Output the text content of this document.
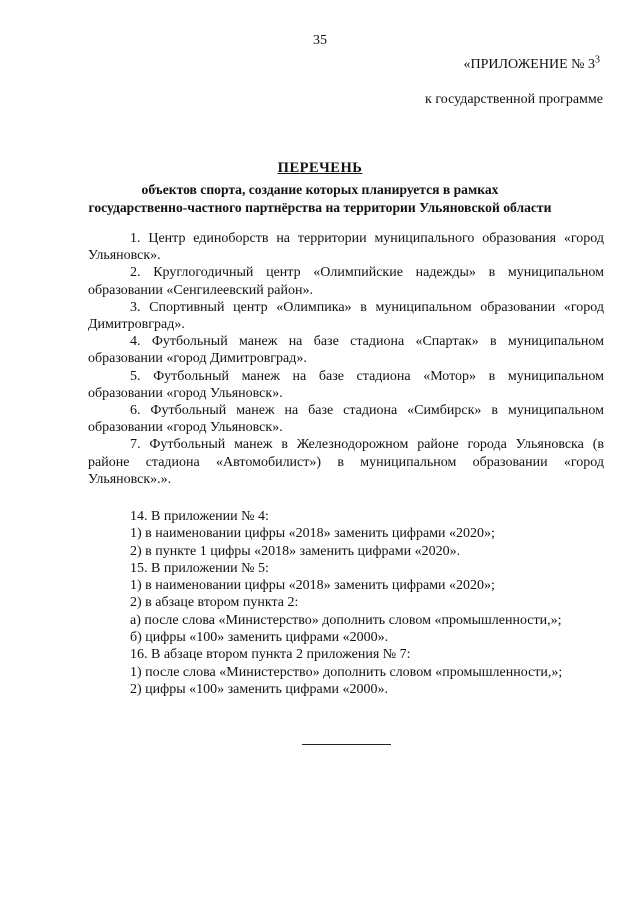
35
«ПРИЛОЖЕНИЕ № $3^3$
к государственной программе

ПЕРЕЧЕНЬ

объектов спорта, создание которых планируется в рамках

государственно-частного партнёрства на территории Ульяновской области

1. Центр единоборств на территории муниципального образования «город Ульяновск».

2. Круглогодичный центр «Олимпийские надежды» в муниципальном образовании «Сенгилеевский район».

3. Спортивный центр «Олимпика» в муниципальном образовании «город Димитровград».

4. Футбольный манеж на базе стадиона «Спартак» в муниципальном образовании «город Димитровград».

5. Футбольный манеж на базе стадиона «Мотор» в муниципальном образовании «город Ульяновск».

6. Футбольный манеж на базе стадиона «Симбирск» в муниципальном образовании «город Ульяновск».

7. Футбольный манеж в Железнодорожном районе города Ульяновска (в районе стадиона «Автомобилист») в муниципальном образовании «город Ульяновск».».

14. В приложении № 4:

1) в наименовании цифры «2018» заменить цифрами «2020»;

2) в пункте 1 цифры «2018» заменить цифрами «2020».

15. В приложении № 5:

1) в наименовании цифры «2018» заменить цифрами «2020»;

2) в абзаце втором пункта 2:

а) после слова «Министерство» дополнить словом «промышленности,»;

б) цифры «100» заменить цифрами «2000».

16. В абзаце втором пункта 2 приложения № 7:

1) после слова «Министерство» дополнить словом «промышленности,»;

2) цифры «100» заменить цифрами «2000».
